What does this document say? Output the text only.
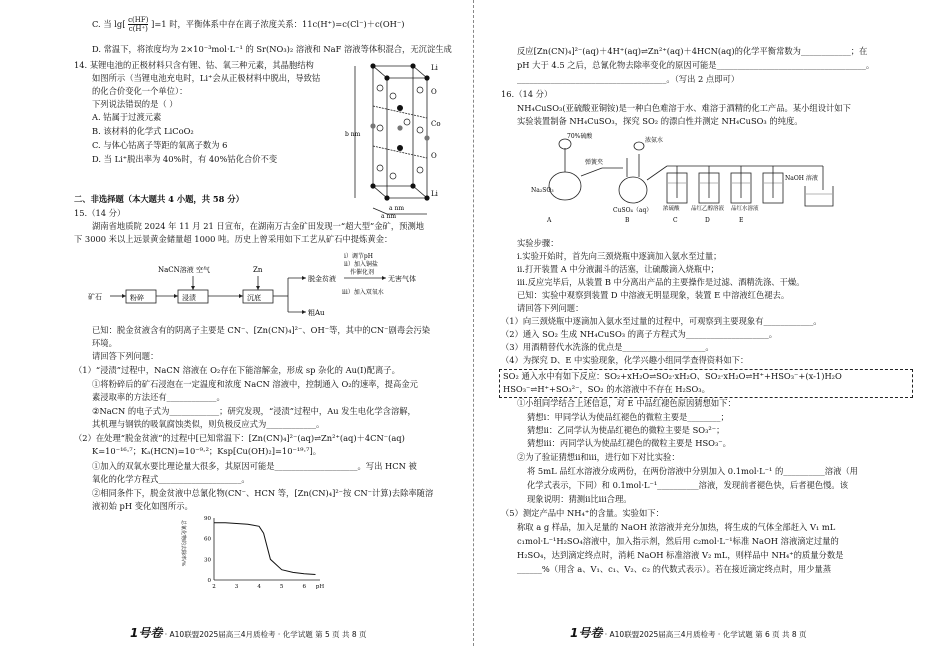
C. 当 $\lg[ \frac{c(HF)}{c(H^+)} ]=1$ 时，平衡体系中存在离子浓度关系：11c(H⁺)=c(Cl⁻)＋c(OH⁻)
D. 常温下，将浓度均为 2×10⁻³mol·L⁻¹ 的 Sr(NO₃)₂ 溶液和 NaF 溶液等体积混合，无沉淀生成
14. 某锂电池的正极材料只含有锂、钴、氧三种元素，其晶胞结构
如图所示（当锂电池充电时，Li⁺会从正极材料中脱出，导致钴
的化合价变化一个单位）：
下列说法错误的是（ ）
A. 钴属于过渡元素
B. 该材料的化学式 LiCoO₂
C. 与体心钴离子等距的氧离子数为 6
D. 当 Li⁺脱出率为 40%时，有 40%钴化合价不变
Li
O
Co
O
Li
b nm
a nm
a nm
二、非选择题（本大题共 4 小题，共 58 分）
15.（14 分）
湖南省地质院 2024 年 11 月 21 日宣布，在湖南万古金矿田发现一“超大型”金矿，预测地
下 3000 米以上远景黄金储量超 1000 吨。历史上曾采用如下工艺从矿石中提炼黄金：
矿石	粉碎	浸渍	沉底
NaCN溶液 空气	Zn
脱金贫液
i）调节pH
ii）加入铜盐
作催化剂
iii）加入双氧水
无害气体
粗Au
已知：脱金贫液含有的阴离子主要是 CN⁻、[Zn(CN)₄]²⁻、OH⁻等，其中的CN⁻剧毒会污染
环境。
请回答下列问题：
（1）“浸渍”过程中，NaCN 溶液在 O₂存在下能溶解金，形成 sp 杂化的 Au(I)配离子。
①将粉碎后的矿石浸泡在一定温度和浓度 NaCN 溶液中，控制通入 O₂的速率，提高金元
素浸取率的方法还有____________。
②NaCN 的电子式为____________；研究发现，“浸渍”过程中，Au 发生电化学含溶解，
其机理与钢铁的吸氧腐蚀类似，则负极反应式为____________。
（2）在处理“脱金贫液”的过程中[已知常温下：[Zn(CN)₄]²⁻(aq)⇌Zn²⁺(aq)＋4CN⁻(aq)
K=10⁻¹⁶·⁷；Kₐ(HCN)=10⁻⁹·²；Ksp[Cu(OH)₂]=10⁻¹⁹·⁷]。
①加入的双氧水要比理论量大很多，其原因可能是____________________。写出 HCN 被
氧化的化学方程式____________________。
②相同条件下，脱金贫液中总氰化物(CN⁻、HCN 等，[Zn(CN)₄]²⁻按 CN⁻计算)去除率随溶
液初始 pH 变化如图所示。
0
30
60
90
2	3	4	5	6 pH
总氰化物的去除率/%
1号卷 · A10联盟2025届高三4月质检考 · 化学试题 第 5 页 共 8 页
反应[Zn(CN)₄]²⁻(aq)＋4H⁺(aq)⇌Zn²⁺(aq)＋4HCN(aq)的化学平衡常数为____________；在
pH 大于 4.5 之后，总氰化物去除率变化的原因可能是____________________________________。
____________________________________。（写出 2 点即可）
16.（14 分）
NH₄CuSO₃(亚硫酸亚铜铵)是一种白色难溶于水、难溶于酒精的化工产品。某小组设计如下
实验装置制备 NH₄CuSO₃，探究 SO₂ 的漂白性并测定 NH₄CuSO₃ 的纯度。
70%硫酸
弹簧夹
浓氨水
NaOH 溶液
Na₂SO₃
CuSO₄（aq） 浓硫酸 品红乙醇溶液 品红水溶液
A	B	C	D	E
实验步骤：
i.实验开始时，首先向三颈烧瓶中逐滴加入氨水至过量；
ii.打开装置 A 中分液漏斗的活塞，让硫酸滴入烧瓶中；
iii.反应完毕后，从装置 B 中分离出产品的主要操作是过滤、酒精洗涤、干燥。
已知：实验中观察到装置 D 中溶液无明显现象，装置 E 中溶液红色褪去。
请回答下列问题：
（1）向三颈烧瓶中逐滴加入氨水至过量的过程中，可观察到主要现象有____________。
（2）通入 SO₂ 生成 NH₄CuSO₃ 的离子方程式为____________________。
（3）用酒精替代水洗涤的优点是____________________。
（4）为探究 D、E 中实验现象，化学兴趣小组同学查得资料如下：
SO₂ 通入水中有如下反应：SO₂+xH₂O⇌SO₂·xH₂O、SO₂·xH₂O⇌H⁺+HSO₃⁻+(x-1)H₂O
HSO₃⁻⇌H⁺+SO₃²⁻，SO₂ 的水溶液中不存在 H₂SO₃。
①小组同学结合上述信息，对 E 中品红褪色原因猜想如下：
猜想i：甲同学认为使品红褪色的微粒主要是________；
猜想ii：乙同学认为使品红褪色的微粒主要是 SO₃²⁻；
猜想iii：丙同学认为使品红褪色的微粒主要是 HSO₃⁻。
②为了验证猜想ii和iii，进行如下对比实验：
将 5mL 品红水溶液分成两份，在两份溶液中分别加入 0.1mol·L⁻¹ 的__________溶液（用
化学式表示，下同）和 0.1mol·L⁻¹__________溶液，发现前者褪色快，后者褪色慢。该
现象说明：猜测ii比iii合理。
（5）测定产品中 NH₄⁺的含量。实验如下：
称取 a g 样品，加入足量的 NaOH 浓溶液并充分加热，将生成的气体全部赶入 V₁ mL
c₁mol·L⁻¹H₂SO₄溶液中，加入指示剂，然后用 c₂mol·L⁻¹标准 NaOH 溶液滴定过量的
H₂SO₄，达到滴定终点时，消耗 NaOH 标准溶液 V₂ mL，则样品中 NH₄⁺的质量分数是
______%（用含 a、V₁、c₁、V₂、c₂ 的代数式表示）。若在接近滴定终点时，用少量蒸
1号卷 · A10联盟2025届高三4月质检考 · 化学试题 第 6 页 共 8 页
